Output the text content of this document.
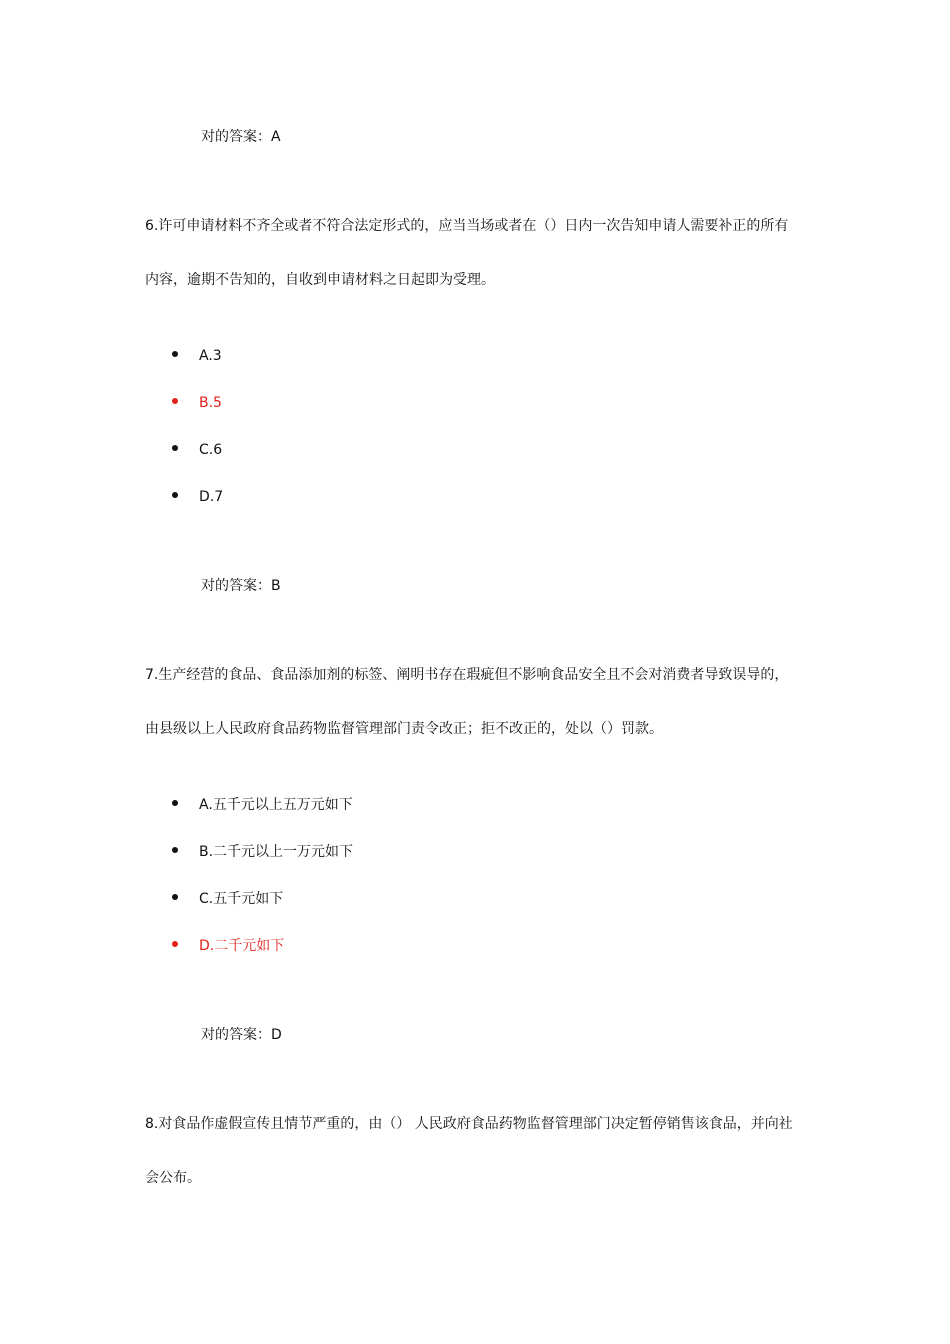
对的答案：A
6.许可申请材料不齐全或者不符合法定形式的，应当当场或者在（）日内一次告知申请人需要补正的所有
内容，逾期不告知的，自收到申请材料之日起即为受理。
A.3
B.5
C.6
D.7
对的答案：B
7.生产经营的食品、食品添加剂的标签、阐明书存在瑕疵但不影响食品安全且不会对消费者导致误导的，
由县级以上人民政府食品药物监督管理部门责令改正；拒不改正的，处以（）罚款。
A.五千元以上五万元如下
B.二千元以上一万元如下
C.五千元如下
D.二千元如下
对的答案：D
8.对食品作虚假宣传且情节严重的，由（） 人民政府食品药物监督管理部门决定暂停销售该食品，并向社
会公布。
